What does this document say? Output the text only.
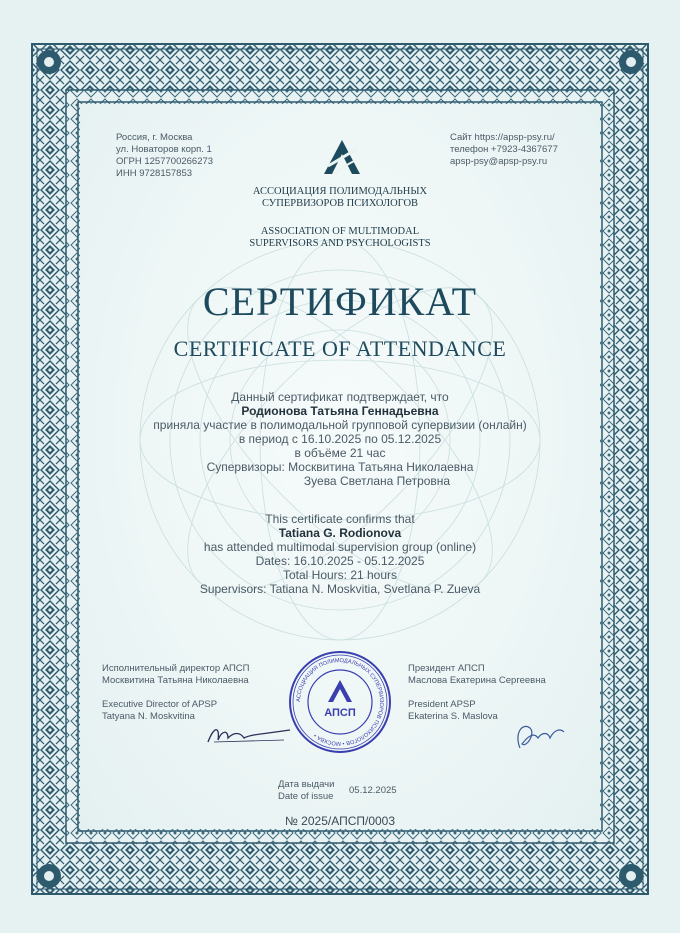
Россия, г. Москва
ул. Новаторов корп. 1
ОГРН 1257700266273
ИНН 9728157853
Сайт https://apsp-psy.ru/
телефон +7923-4367677
apsp-psy@apsp-psy.ru
АССОЦИАЦИЯ ПОЛИМОДАЛЬНЫХ
СУПЕРВИЗОРОВ ПСИХОЛОГОВ
ASSOCIATION OF MULTIMODAL
SUPERVISORS AND PSYCHOLOGISTS
СЕРТИФИКАТ
CERTIFICATE OF ATTENDANCE
Данный сертификат подтверждает, что
Родионова Татьяна Геннадьевна
приняла участие в полимодальной групповой супервизии (онлайн)
в период с 16.10.2025 по 05.12.2025
в объёме 21 час
Супервизоры: Москвитина Татьяна Николаевна
Зуева Светлана Петровна
This certificate confirms that
Tatiana G. Rodionova
has attended multimodal supervision group (online)
Dates: 16.10.2025 - 05.12.2025
Total Hours: 21 hours
Supervisors: Tatiana N. Moskvitia, Svetlana P. Zueva
Исполнительный директор АПСП
Москвитина Татьяна Николаевна
Executive Director of APSP
Tatyana N. Moskvitina	АПСП
АССОЦИАЦИЯ ПОЛИМОДАЛЬНЫХ СУПЕРВИЗОРОВ ПСИХОЛОГОВ • МОСКВА •
Президент АПСП
Маслова Екатерина Сергеевна
President APSP
Ekaterina S. Maslova
Дата выдачи
Date of issue
05.12.2025
№ 2025/АПСП/0003
